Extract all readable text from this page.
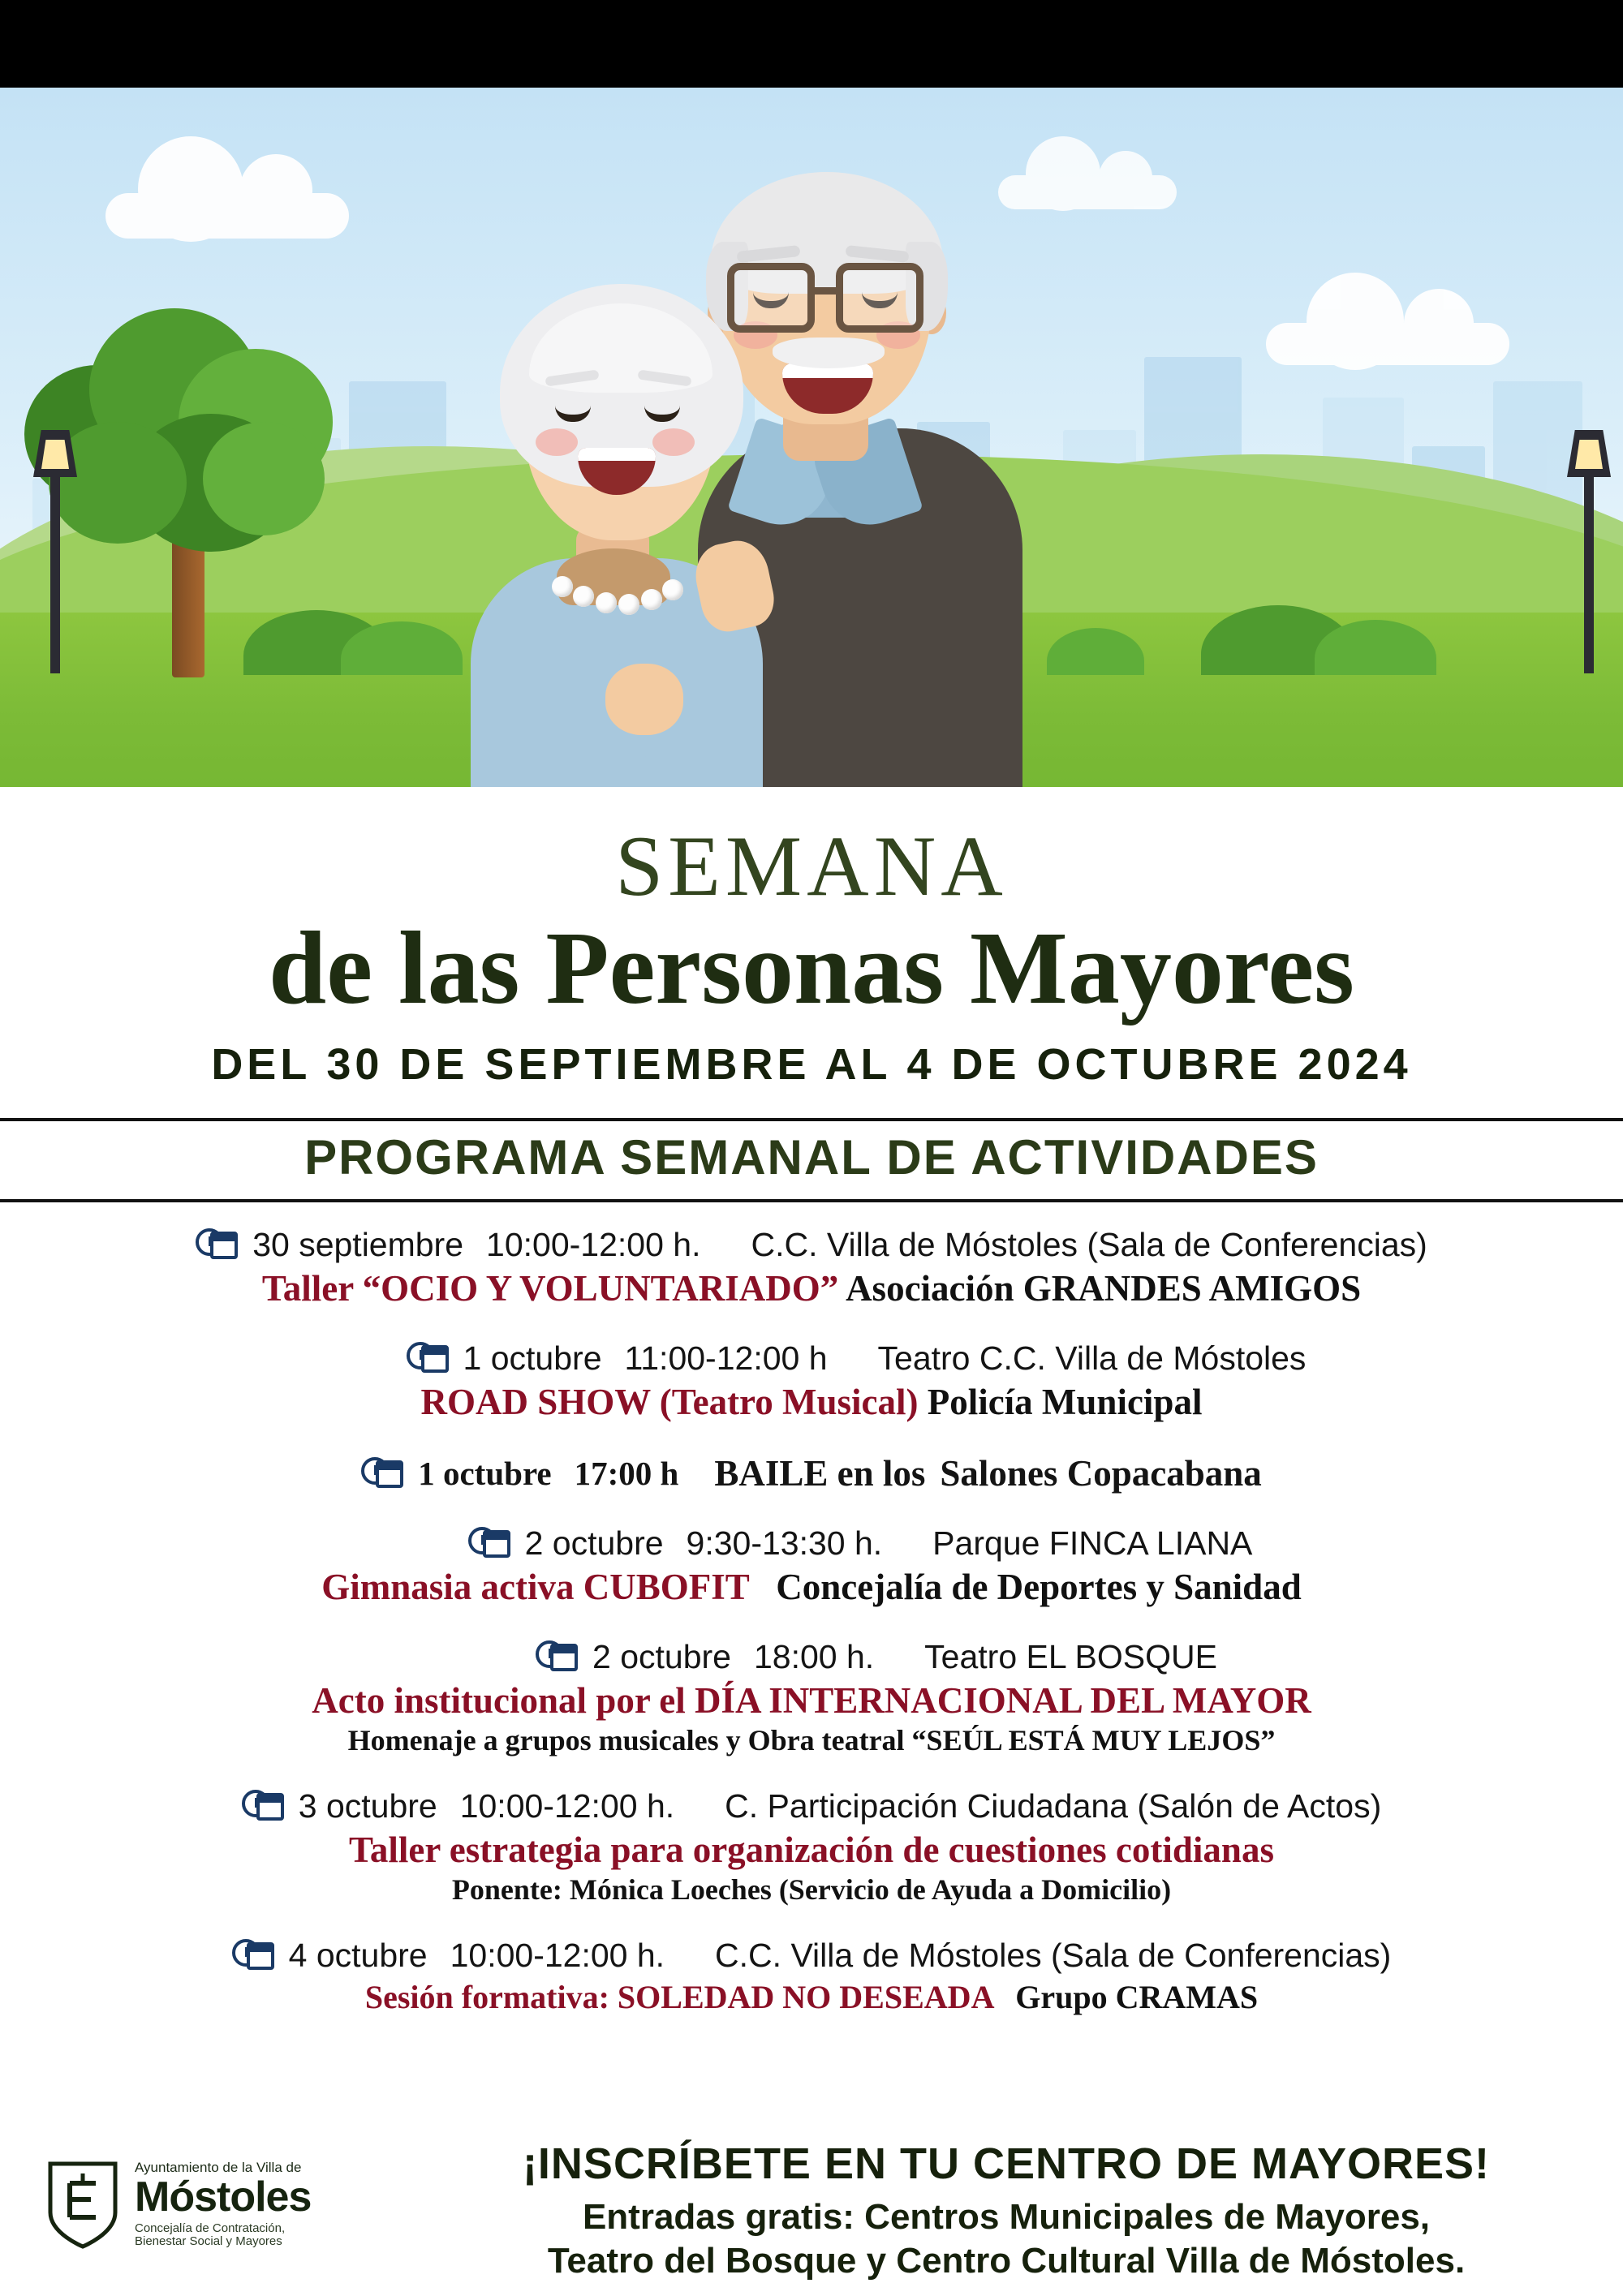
SEMANA
de las Personas Mayores
DEL 30 DE SEPTIEMBRE AL 4 DE OCTUBRE 2024
PROGRAMA SEMANAL DE ACTIVIDADES
30 septiembre 10:00-12:00 h. C.C. Villa de Móstoles (Sala de Conferencias)
Taller “OCIO Y VOLUNTARIADO” Asociación GRANDES AMIGOS
1 octubre 11:00-12:00 h Teatro C.C. Villa de Móstoles
ROAD SHOW (Teatro Musical) Policía Municipal
1 octubre 17:00 h BAILE en los Salones Copacabana
2 octubre 9:30-13:30 h. Parque FINCA LIANA
Gimnasia activa CUBOFIT Concejalía de Deportes y Sanidad
2 octubre 18:00 h. Teatro EL BOSQUE
Acto institucional por el DÍA INTERNACIONAL DEL MAYOR
Homenaje a grupos musicales y Obra teatral “SEÚL ESTÁ MUY LEJOS”
3 octubre 10:00-12:00 h. C. Participación Ciudadana (Salón de Actos)
Taller estrategia para organización de cuestiones cotidianas
Ponente: Mónica Loeches (Servicio de Ayuda a Domicilio)
4 octubre 10:00-12:00 h. C.C. Villa de Móstoles (Sala de Conferencias)
Sesión formativa: SOLEDAD NO DESEADA Grupo CRAMAS
Ayuntamiento de la Villa de
Móstoles
Concejalía de Contratación,
Bienestar Social y Mayores
¡INSCRÍBETE EN TU CENTRO DE MAYORES!
Entradas gratis: Centros Municipales de Mayores,
Teatro del Bosque y Centro Cultural Villa de Móstoles.
